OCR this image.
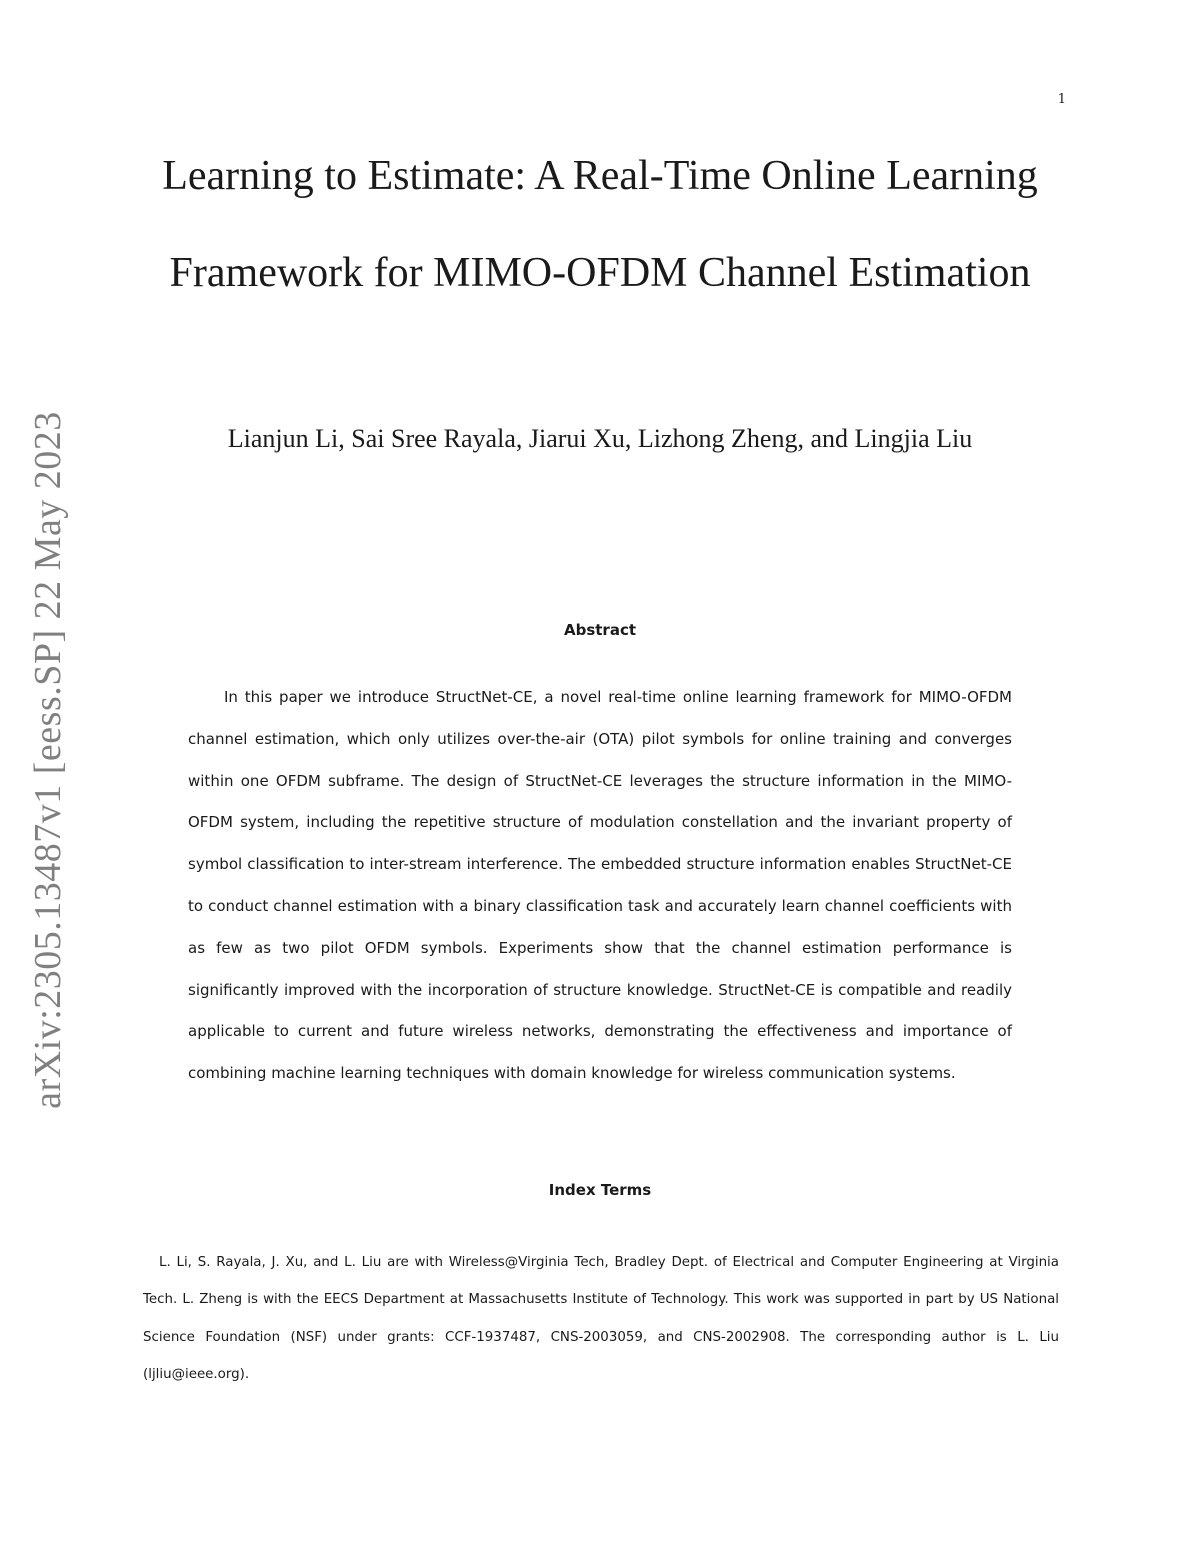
1
arXiv:2305.13487v1 [eess.SP] 22 May 2023
Learning to Estimate: A Real-Time Online Learning Framework for MIMO-OFDM Channel Estimation

Lianjun Li, Sai Sree Rayala, Jiarui Xu, Lizhong Zheng, and Lingjia Liu

Abstract

In this paper we introduce StructNet-CE, a novel real-time online learning framework for MIMO-OFDM channel estimation, which only utilizes over-the-air (OTA) pilot symbols for online training and converges within one OFDM subframe. The design of StructNet-CE leverages the structure information in the MIMO-OFDM system, including the repetitive structure of modulation constellation and the invariant property of symbol classification to inter-stream interference. The embedded structure information enables StructNet-CE to conduct channel estimation with a binary classification task and accurately learn channel coefficients with as few as two pilot OFDM symbols. Experiments show that the channel estimation performance is significantly improved with the incorporation of structure knowledge. StructNet-CE is compatible and readily applicable to current and future wireless networks, demonstrating the effectiveness and importance of combining machine learning techniques with domain knowledge for wireless communication systems.

Index Terms

L. Li, S. Rayala, J. Xu, and L. Liu are with Wireless@Virginia Tech, Bradley Dept. of Electrical and Computer Engineering at Virginia Tech. L. Zheng is with the EECS Department at Massachusetts Institute of Technology. This work was supported in part by US National Science Foundation (NSF) under grants: CCF-1937487, CNS-2003059, and CNS-2002908. The corresponding author is L. Liu (ljliu@ieee.org).
